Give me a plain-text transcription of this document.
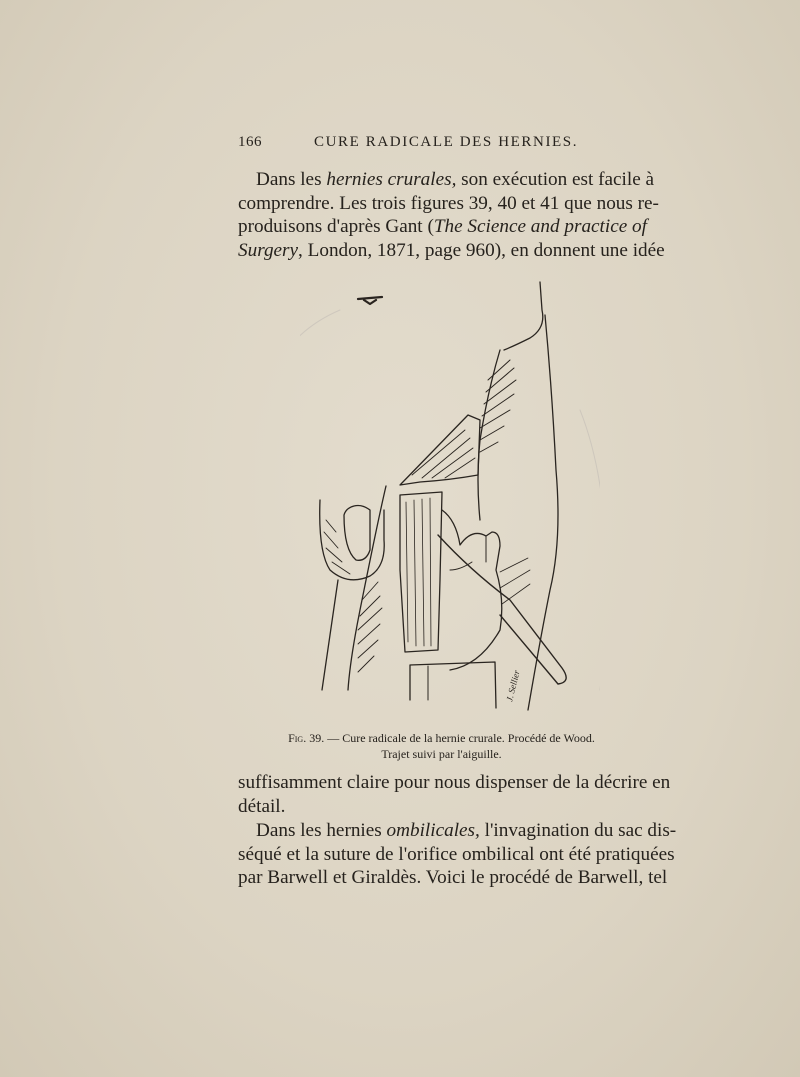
166	CURE RADICALE DES HERNIES.
Dans les hernies crurales, son exécution est facile à
comprendre. Les trois figures 39, 40 et 41 que nous re-
produisons d'après Gant (The Science and practice of
Surgery, London, 1871, page 960), en donnent une idée
J. Sellier
Fig. 39. — Cure radicale de la hernie crurale. Procédé de Wood.
Trajet suivi par l'aiguille.
suffisamment claire pour nous dispenser de la décrire en
détail.
Dans les hernies ombilicales, l'invagination du sac dis-
séqué et la suture de l'orifice ombilical ont été pratiquées
par Barwell et Giraldès. Voici le procédé de Barwell, tel
